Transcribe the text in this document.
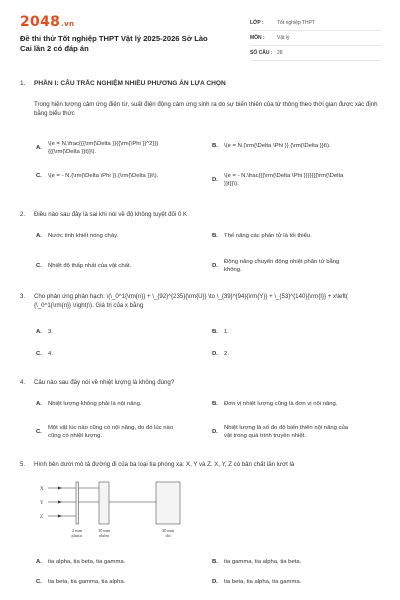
2048.vn
Đề thi thử Tốt nghiệp THPT Vật lý 2025-2026 Sở Lào Cai lần 2 có đáp án
LỚP :	Tốt nghiệp THPT
MÔN :	Vật lý
SỐ CÂU : 28
1. PHẦN I: CÂU TRẮC NGHIỆM NHIỀU PHƯƠNG ÁN LỰA CHỌN
Trong hiện tượng cảm ứng điện từ, suất điện động cảm ứng sinh ra do sự biến thiên của từ thông theo thời gian được xác định bằng biểu thức
A.
\(e = N.\frac{{{\rm{\Delta }}{{\rm{\Phi }}^2}}}{{{\rm{\Delta }}t}}\).
B.	\(e = N.{\rm{\Delta \Phi }} {\rm{\Delta }}t\).
C.	\(e = - N.{\rm{\Delta \Phi }}.{\rm{\Delta }}t\).
D.
\(e = - N.\frac{{{\rm{\Delta \Phi }}}}{{{\rm{\Delta }}t}}\).
2.	Điều nào sau đây là sai khi nói về độ không tuyệt đối 0 K
A.	Nước tinh khiết nóng chảy.	B.	Thế năng các phân tử là tối thiểu.
C.	Nhiệt độ thấp nhất của vật chất.	D.
Động năng chuyển động nhiệt phân tử bằng không.
3.	Cho phản ứng phân hạch: \(\_0^1{\rm{n}} + \_{92}^{235}{\rm{U}} \to \_{39}^{94}{\rm{Y}} + \_{53}^{140}{\rm{I}} + x\left( {\_0^1{\rm{n}} \right)\). Giá trị của x bằng
A.	3.	B.	1.
C.	4.	D.	2.
4.	Câu nào sau đây nói về nhiệt lượng là không đúng?
A.	Nhiệt lượng không phải là nội năng.	B.	Đơn vị nhiệt lượng cũng là đơn vị nội năng.
C.
Một vật lúc nào cũng có nội năng, do đó lúc nào cũng có nhiệt lượng.
D.
Nhiệt lượng là số đo độ biến thiên nội năng của vật trong quá trình truyền nhiệt.
5.	Hình bên dưới mô tả đường đi của ba loại tia phóng xạ: X, Y và Z. X, Y, Z có bản chất lần lượt là
X
Y
Z
2 mm
plastic
10 mm
nhôm
30 mm
chì
A.	tia alpha, tia beta, tia gamma.	B.	tia gamma, tia alpha, tia beta.
C.	tia beta, tia gamma, tia alpha.	D.	tia beta, tia alpha, tia gamma.
